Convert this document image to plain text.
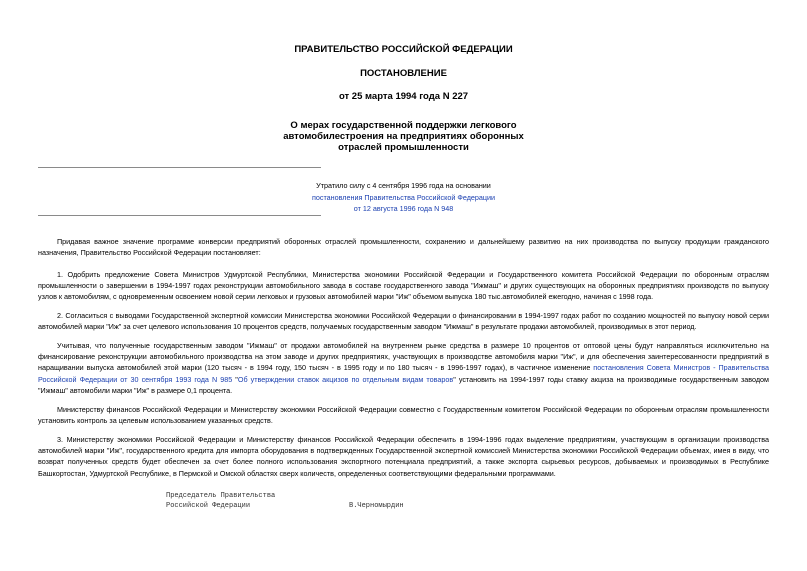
ПРАВИТЕЛЬСТВО РОССИЙСКОЙ ФЕДЕРАЦИИ
ПОСТАНОВЛЕНИЕ
от 25 марта 1994 года N 227
О мерах государственной поддержки легкового
автомобилестроения на предприятиях оборонных
отраслей промышленности
Утратило силу с 4 сентября 1996 года на основании
постановления Правительства Российской Федерации
от 12 августа 1996 года N 948

Придавая важное значение программе конверсии предприятий оборонных отраслей промышленности, сохранению и дальнейшему развитию на них производства по выпуску продукции гражданского назначения, Правительство Российской Федерации постановляет:

1. Одобрить предложение Совета Министров Удмуртской Республики, Министерства экономики Российской Федерации и Государственного комитета Российской Федерации по оборонным отраслям промышленности о завершении в 1994-1997 годах реконструкции автомобильного завода в составе государственного завода "Ижмаш" и других существующих на оборонных предприятиях производств по выпуску узлов к автомобилям, с одновременным освоением новой серии легковых и грузовых автомобилей марки "Иж" объемом выпуска 180 тыс.автомобилей ежегодно, начиная с 1998 года.

2. Согласиться с выводами Государственной экспертной комиссии Министерства экономики Российской Федерации о финансировании в 1994-1997 годах работ по созданию мощностей по выпуску новой серии автомобилей марки "Иж" за счет целевого использования 10 процентов средств, получаемых государственным заводом "Ижмаш" в результате продажи автомобилей, производимых в этот период.

Учитывая, что полученные государственным заводом "Ижмаш" от продажи автомобилей на внутреннем рынке средства в размере 10 процентов от оптовой цены будут направляться исключительно на финансирование реконструкции автомобильного производства на этом заводе и других предприятиях, участвующих в производстве автомобиля марки "Иж", и для обеспечения заинтересованности предприятий в наращивании выпуска автомобилей этой марки (120 тысяч - в 1994 году, 150 тысяч - в 1995 году и по 180 тысяч - в 1996-1997 годах), в частичное изменение постановления Совета Министров - Правительства Российской Федерации от 30 сентября 1993 года N 985 "Об утверждении ставок акцизов по отдельным видам товаров" установить на 1994-1997 годы ставку акциза на производимые государственным заводом "Ижмаш" автомобили марки "Иж" в размере 0,1 процента.

Министерству финансов Российской Федерации и Министерству экономики Российской Федерации совместно с Государственным комитетом Российской Федерации по оборонным отраслям промышленности установить контроль за целевым использованием указанных средств.

3. Министерству экономики Российской Федерации и Министерству финансов Российской Федерации обеспечить в 1994-1996 годах выделение предприятиям, участвующим в организации производства автомобилей марки "Иж", государственного кредита для импорта оборудования в подтвержденных Государственной экспертной комиссией Министерства экономики Российской Федерации объемах, имея в виду, что возврат полученных средств будет обеспечен за счет более полного использования экспортного потенциала предприятий, а также экспорта сырьевых ресурсов, добываемых и производимых в Республике Башкортостан, Удмуртской Республике, в Пермской и Омской областях сверх количеств, определенных соответствующими федеральными программами.

Председатель Правительства
Российской Федерации	В.Черномырдин
